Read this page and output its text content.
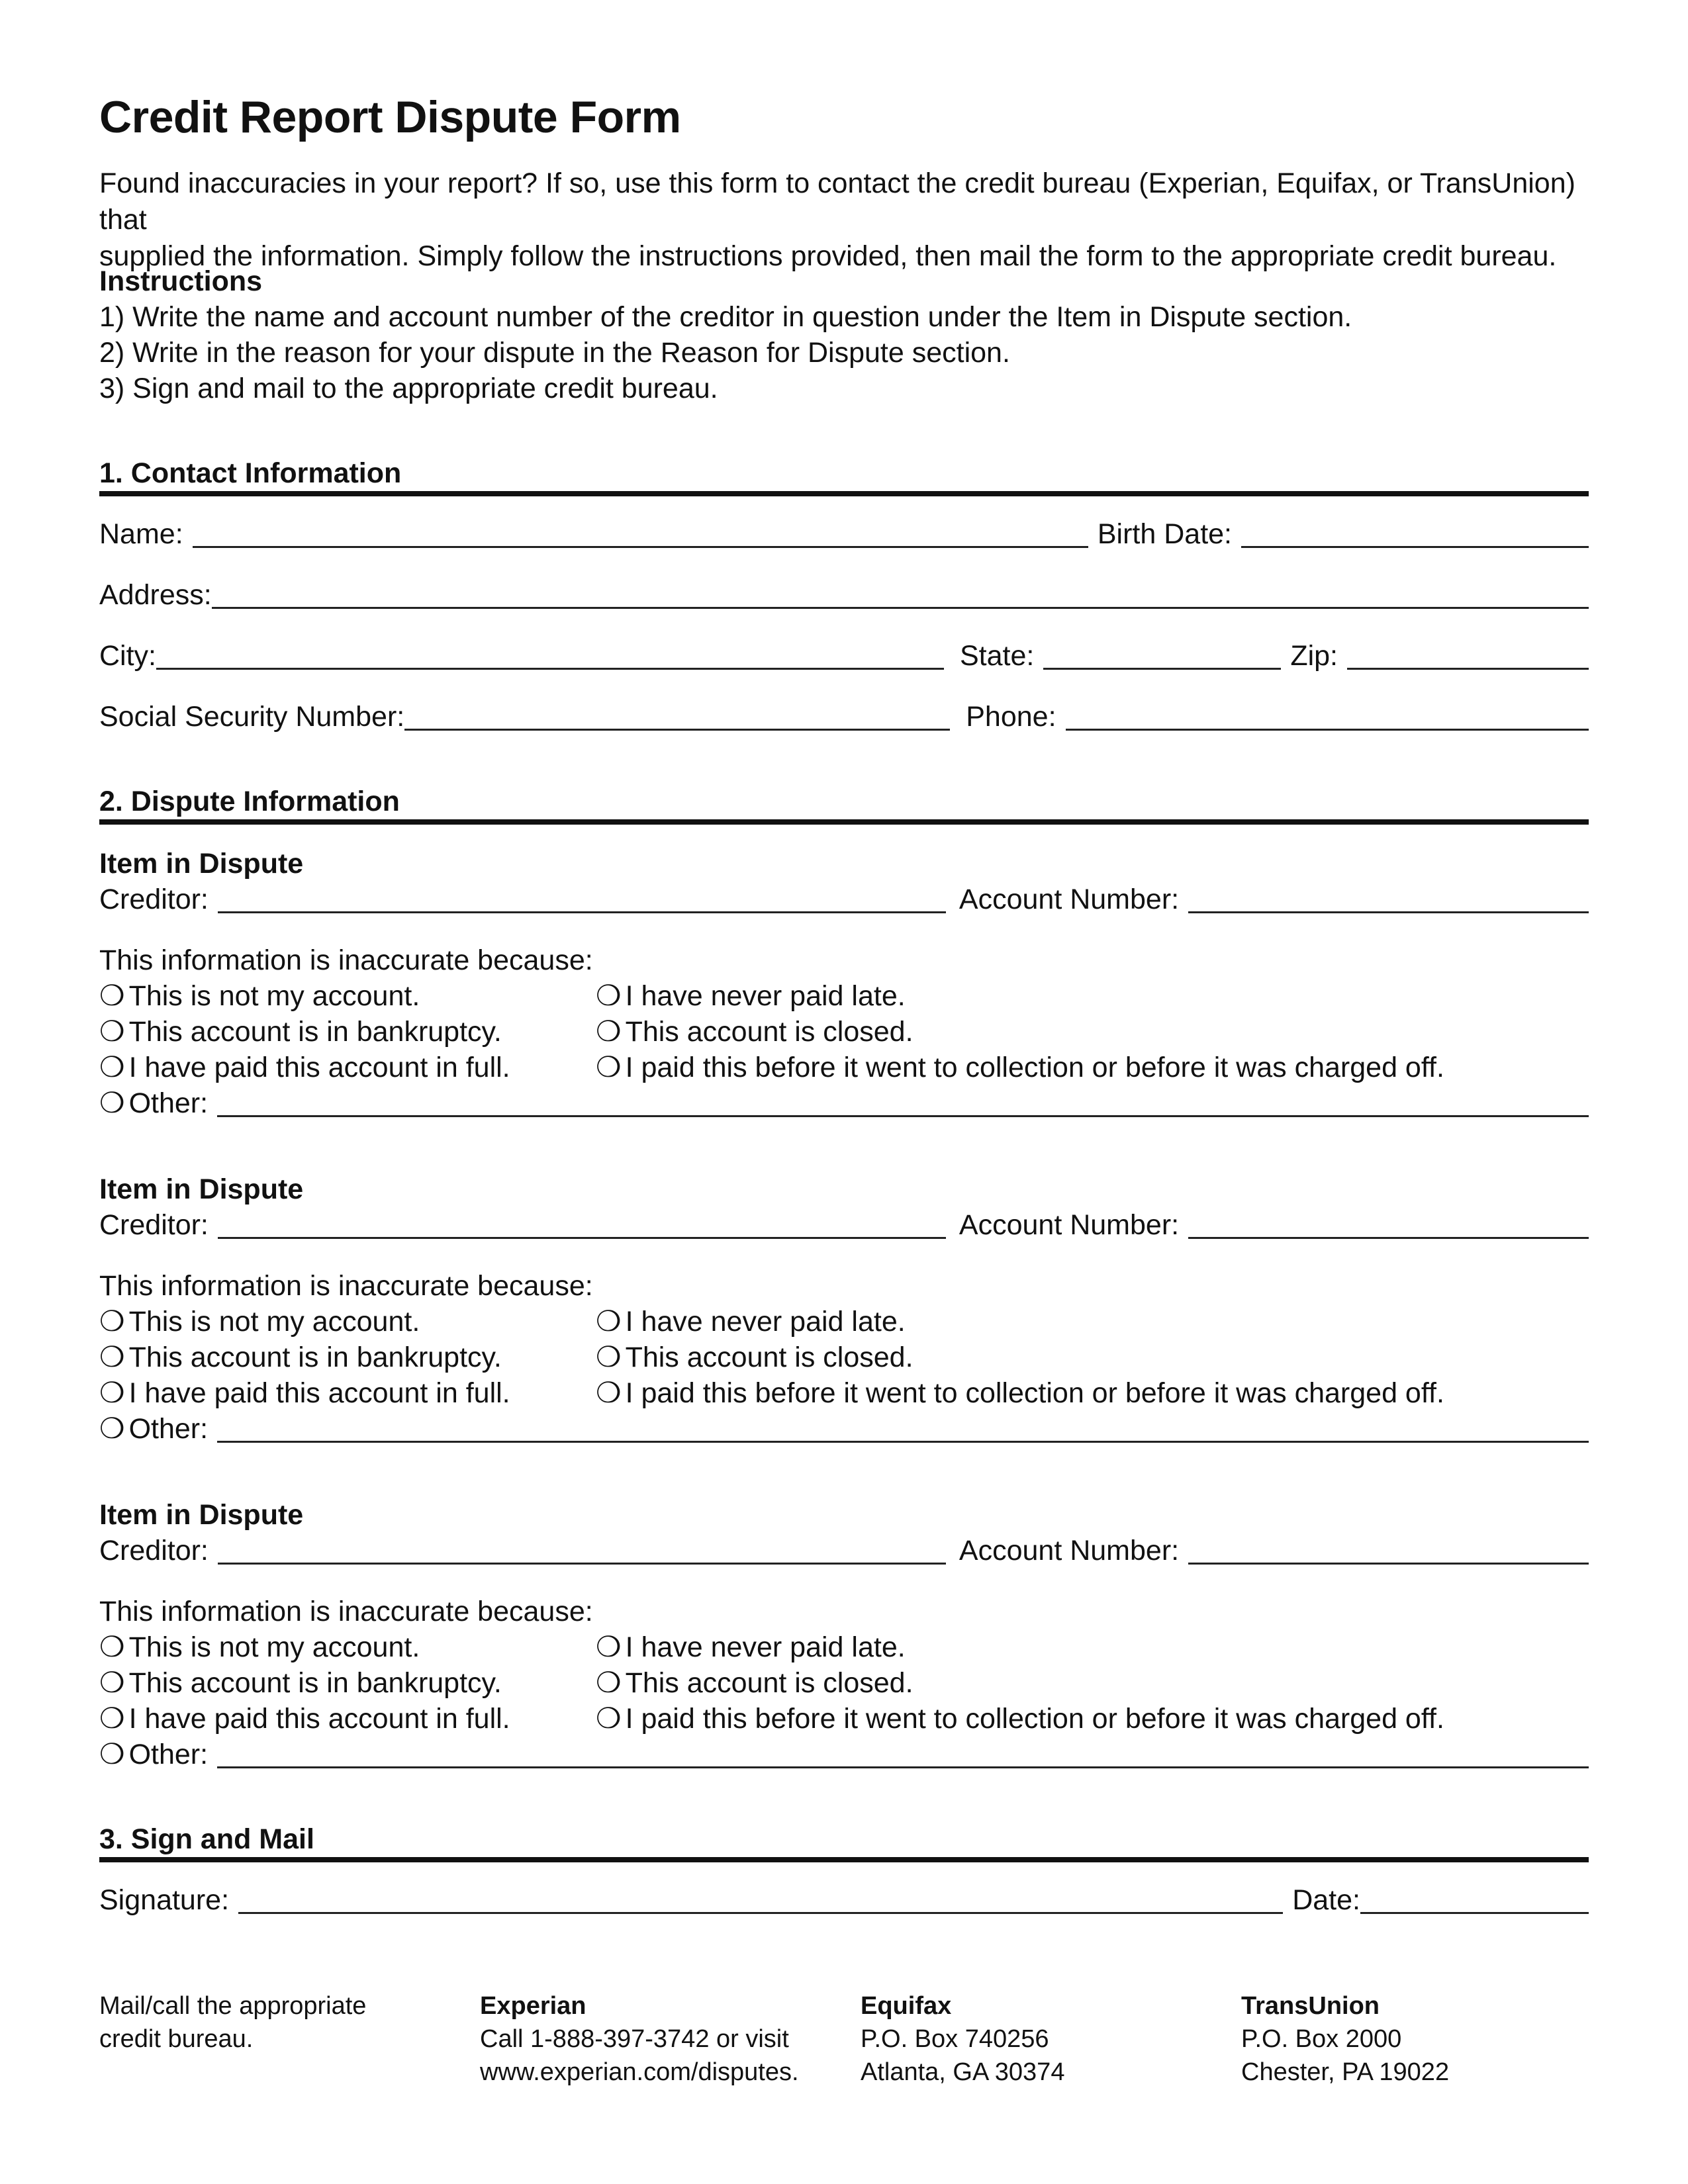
Credit Report Dispute Form
Found inaccuracies in your report? If so, use this form to contact the credit bureau (Experian, Equifax, or TransUnion) that
supplied the information. Simply follow the instructions provided, then mail the form to the appropriate credit bureau.
Instructions
1) Write the name and account number of the creditor in question under the Item in Dispute section.
2) Write in the reason for your dispute in the Reason for Dispute section.
3) Sign and mail to the appropriate credit bureau.
1. Contact Information
Name:	Birth Date:
Address:
City:	State:	Zip:
Social Security Number:	Phone:
2. Dispute Information
Item in Dispute
Creditor:	Account Number:
This information is inaccurate because:
❍ This is not my account.
❍ This account is in bankruptcy.
❍ I have paid this account in full.
❍ I have never paid late.
❍ This account is closed.
❍ I paid this before it went to collection or before it was charged off.
❍ Other:
Item in Dispute
Creditor:	Account Number:
This information is inaccurate because:
❍ This is not my account.
❍ This account is in bankruptcy.
❍ I have paid this account in full.
❍ I have never paid late.
❍ This account is closed.
❍ I paid this before it went to collection or before it was charged off.
❍ Other:
Item in Dispute
Creditor:	Account Number:
This information is inaccurate because:
❍ This is not my account.
❍ This account is in bankruptcy.
❍ I have paid this account in full.
❍ I have never paid late.
❍ This account is closed.
❍ I paid this before it went to collection or before it was charged off.
❍ Other:
3. Sign and Mail
Signature:	Date:
Mail/call the appropriate
credit bureau.
Experian
Call 1-888-397-3742 or visit
www.experian.com/disputes.
Equifax
P.O. Box 740256
Atlanta, GA 30374
TransUnion
P.O. Box 2000
Chester, PA 19022
